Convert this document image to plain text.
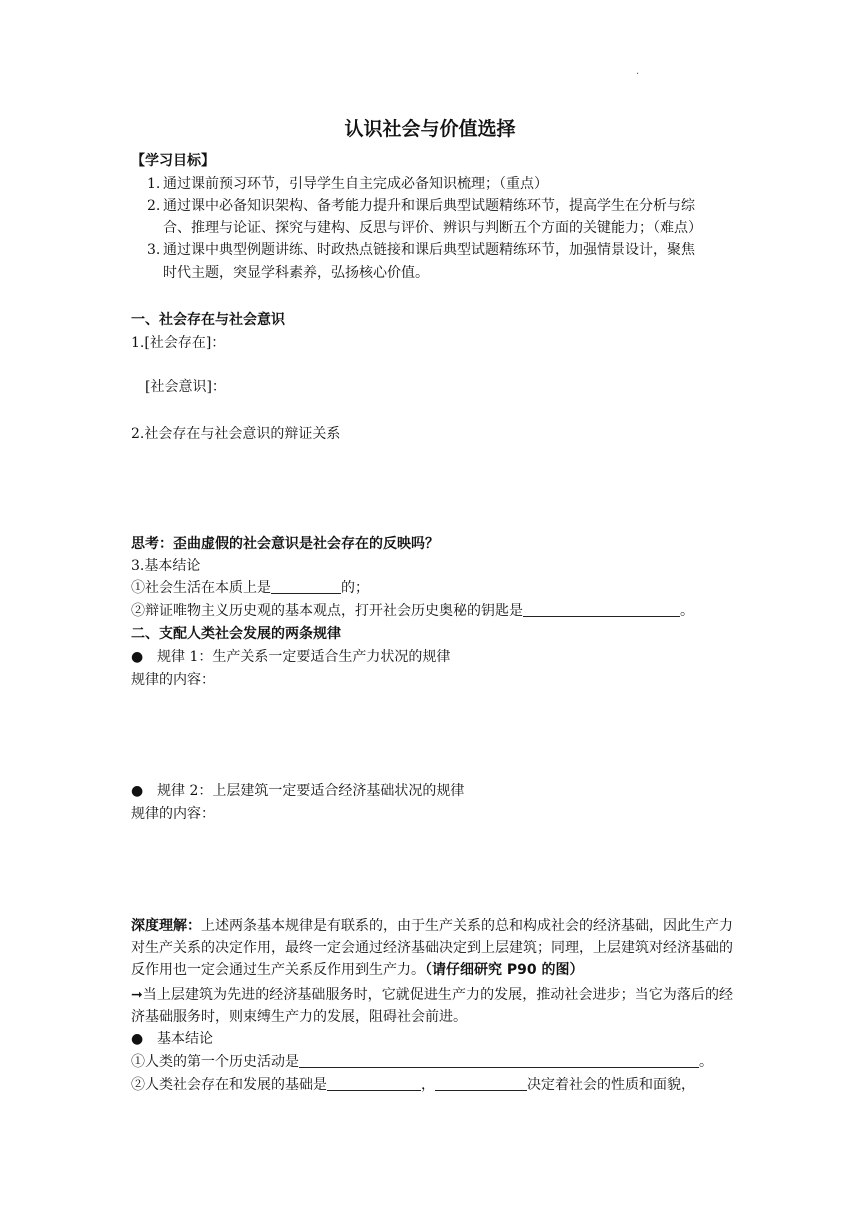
.
认识社会与价值选择
【学习目标】
1. 通过课前预习环节，引导学生自主完成必备知识梳理；（重点）
2. 通过课中必备知识架构、备考能力提升和课后典型试题精练环节，提高学生在分析与综
合、推理与论证、探究与建构、反思与评价、辨识与判断五个方面的关键能力；（难点）
3. 通过课中典型例题讲练、时政热点链接和课后典型试题精练环节，加强情景设计，聚焦
时代主题，突显学科素养，弘扬核心价值。
一、社会存在与社会意识
1.[社会存在]：
[社会意识]：
2.社会存在与社会意识的辩证关系
思考：歪曲虚假的社会意识是社会存在的反映吗？
3.基本结论
①社会生活在本质上是	的；
②辩证唯物主义历史观的基本观点，打开社会历史奥秘的钥匙是	。
二、支配人类社会发展的两条规律
● 规律 1：生产关系一定要适合生产力状况的规律
规律的内容：
● 规律 2：上层建筑一定要适合经济基础状况的规律
规律的内容：
深度理解：上述两条基本规律是有联系的，由于生产关系的总和构成社会的经济基础，因此生产力对生产关系的决定作用，最终一定会通过经济基础决定到上层建筑；同理，上层建筑对经济基础的反作用也一定会通过生产关系反作用到生产力。（请仔细研究 P90 的图）
➞当上层建筑为先进的经济基础服务时，它就促进生产力的发展，推动社会进步；当它为落后的经济基础服务时，则束缚生产力的发展，阻碍社会前进。
● 基本结论
①人类的第一个历史活动是	。
②人类社会存在和发展的基础是	，	决定着社会的性质和面貌，
